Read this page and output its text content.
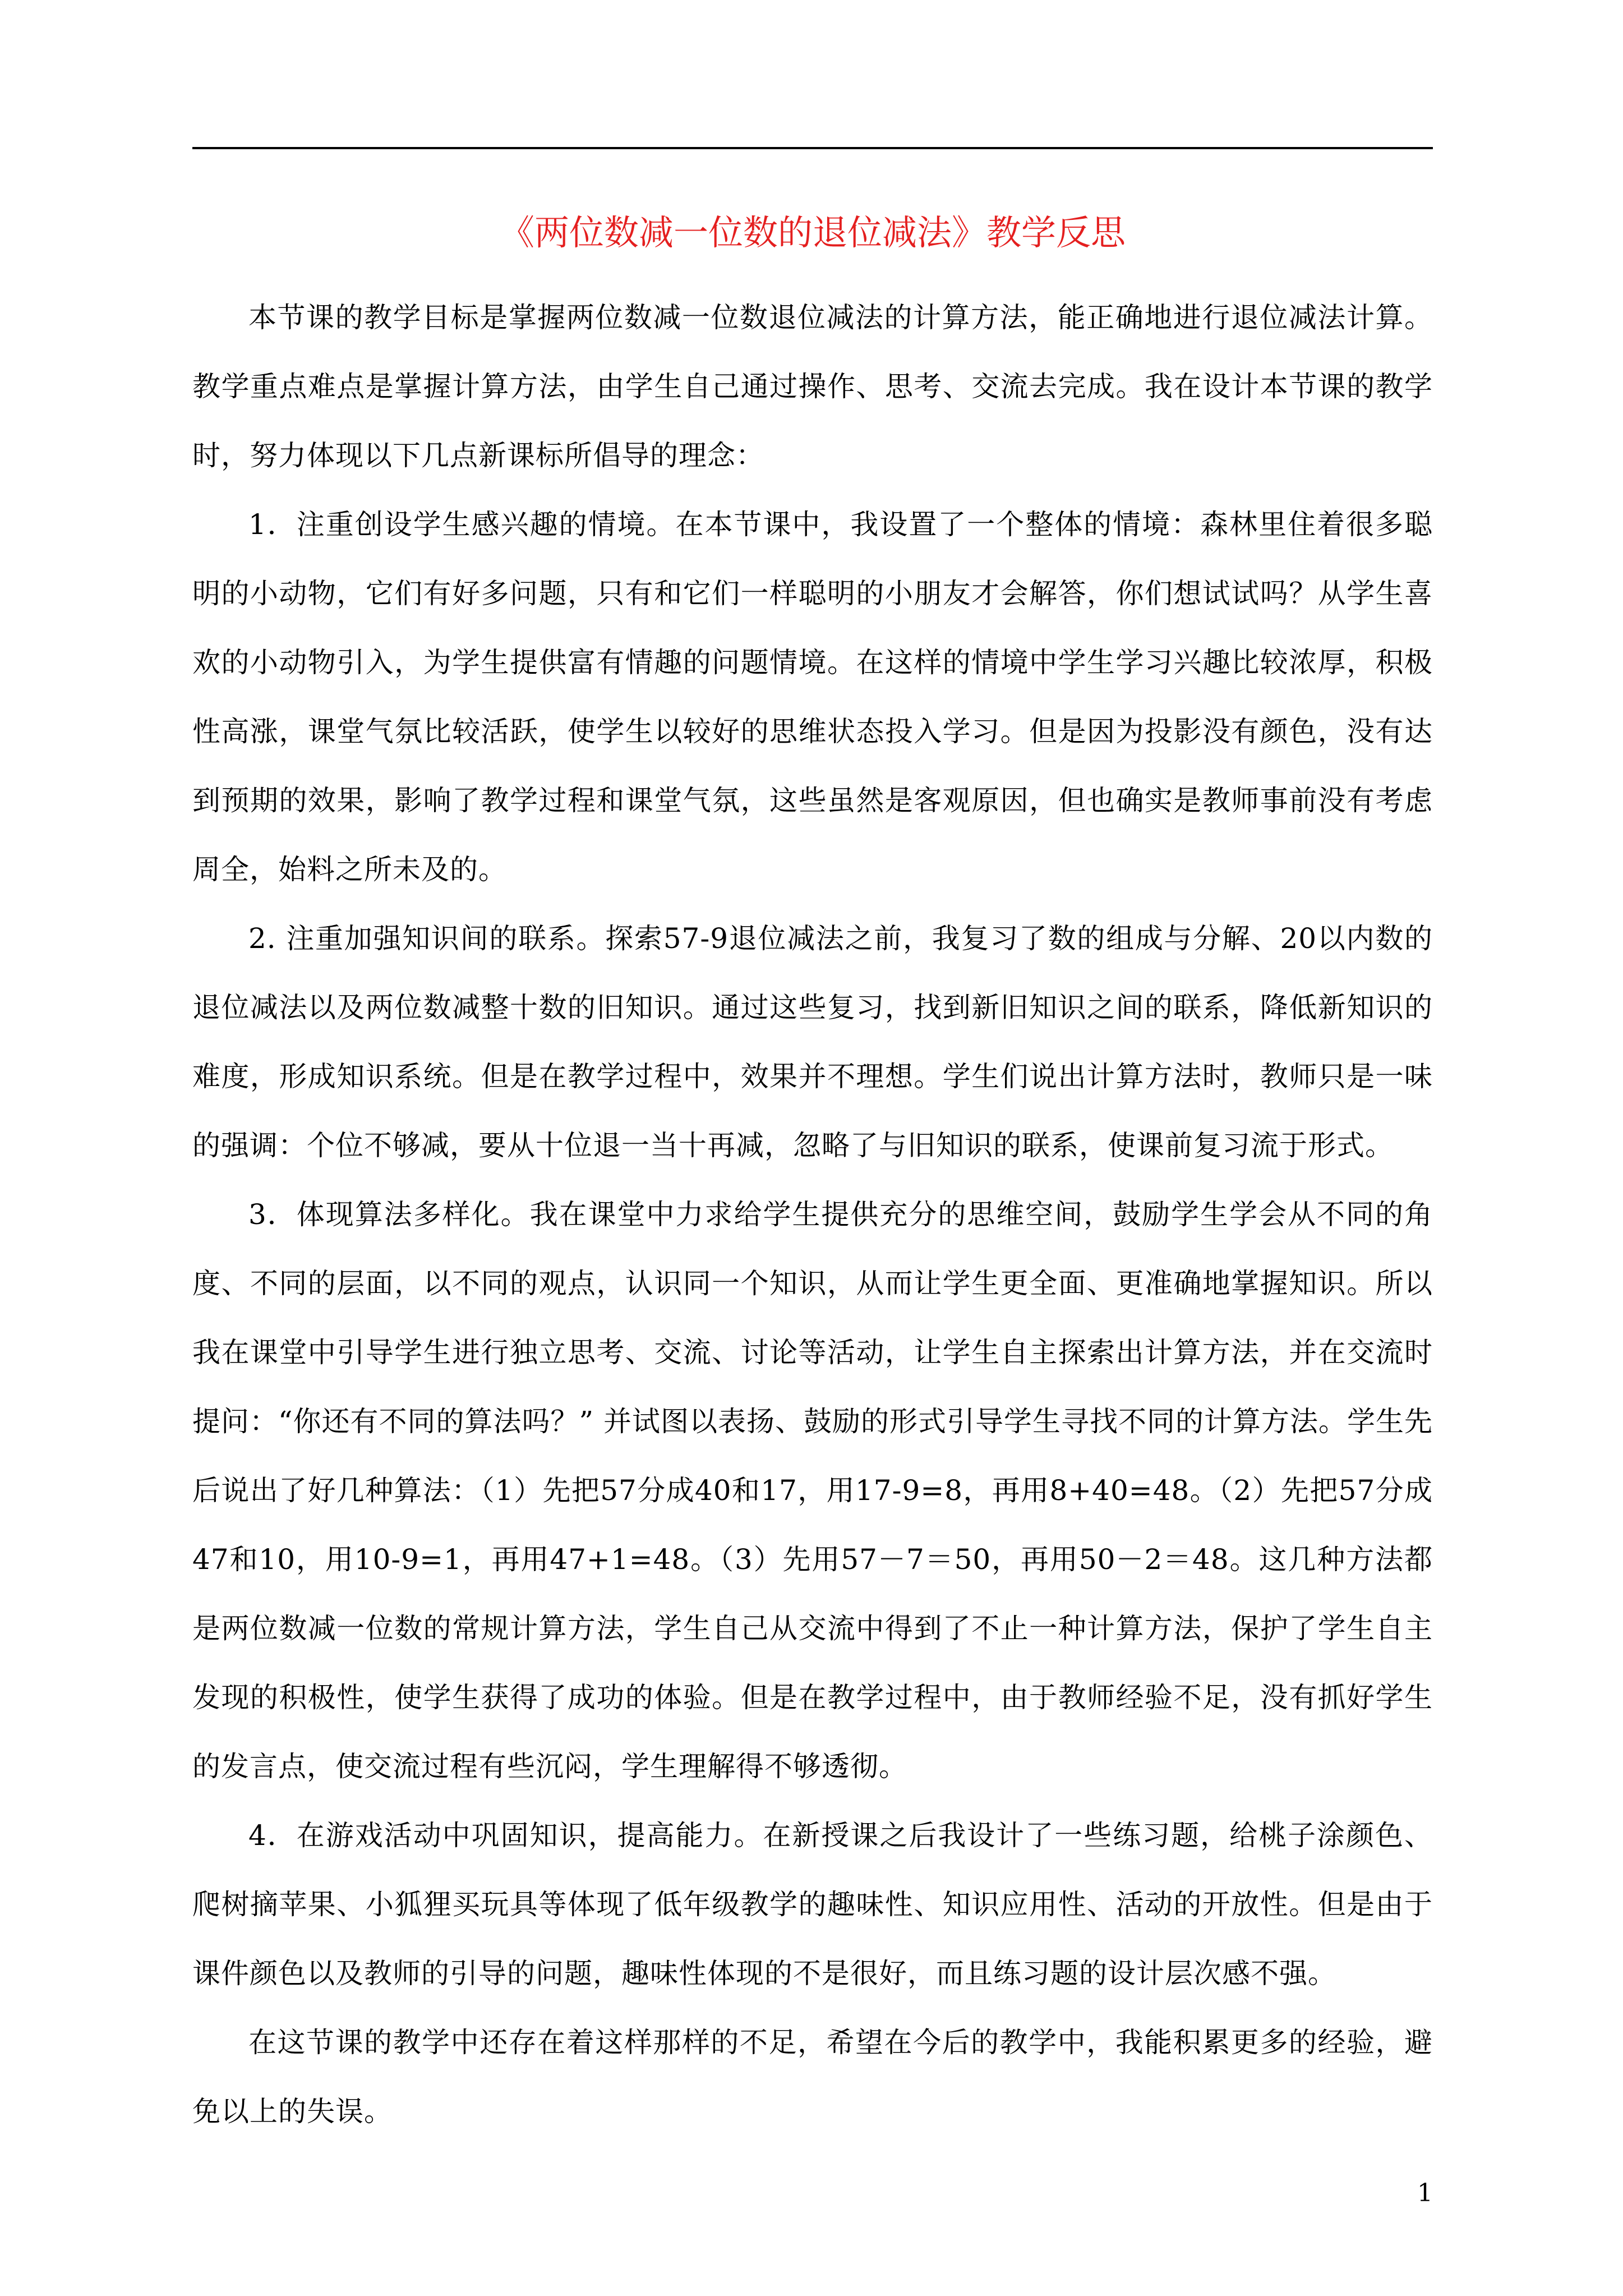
《两位数减一位数的退位减法》教学反思

本节课的教学目标是掌握两位数减一位数退位减法的计算方法，能正确地进行退位减法计算。教学重点难点是掌握计算方法，由学生自己通过操作、思考、交流去完成。我在设计本节课的教学时，努力体现以下几点新课标所倡导的理念：

1．注重创设学生感兴趣的情境。在本节课中，我设置了一个整体的情境：森林里住着很多聪明的小动物，它们有好多问题，只有和它们一样聪明的小朋友才会解答，你们想试试吗？从学生喜欢的小动物引入，为学生提供富有情趣的问题情境。在这样的情境中学生学习兴趣比较浓厚，积极性高涨，课堂气氛比较活跃，使学生以较好的思维状态投入学习。但是因为投影没有颜色，没有达到预期的效果，影响了教学过程和课堂气氛，这些虽然是客观原因，但也确实是教师事前没有考虑周全，始料之所未及的。

2. 注重加强知识间的联系。探索57-9退位减法之前，我复习了数的组成与分解、20以内数的退位减法以及两位数减整十数的旧知识。通过这些复习，找到新旧知识之间的联系，降低新知识的难度，形成知识系统。但是在教学过程中，效果并不理想。学生们说出计算方法时，教师只是一味的强调：个位不够减，要从十位退一当十再减，忽略了与旧知识的联系，使课前复习流于形式。

3．体现算法多样化。我在课堂中力求给学生提供充分的思维空间，鼓励学生学会从不同的角度、不同的层面，以不同的观点，认识同一个知识，从而让学生更全面、更准确地掌握知识。所以我在课堂中引导学生进行独立思考、交流、讨论等活动，让学生自主探索出计算方法，并在交流时提问：“你还有不同的算法吗？” 并试图以表扬、鼓励的形式引导学生寻找不同的计算方法。学生先后说出了好几种算法：（1）先把57分成40和17，用17-9=8，再用8+40=48。（2）先把57分成47和10，用10-9=1，再用47+1=48。（3）先用57－7＝50，再用50－2＝48。这几种方法都是两位数减一位数的常规计算方法，学生自己从交流中得到了不止一种计算方法，保护了学生自主发现的积极性，使学生获得了成功的体验。但是在教学过程中，由于教师经验不足，没有抓好学生的发言点，使交流过程有些沉闷，学生理解得不够透彻。

4．在游戏活动中巩固知识，提高能力。在新授课之后我设计了一些练习题，给桃子涂颜色、爬树摘苹果、小狐狸买玩具等体现了低年级教学的趣味性、知识应用性、活动的开放性。但是由于课件颜色以及教师的引导的问题，趣味性体现的不是很好，而且练习题的设计层次感不强。

在这节课的教学中还存在着这样那样的不足，希望在今后的教学中，我能积累更多的经验，避免以上的失误。

1
